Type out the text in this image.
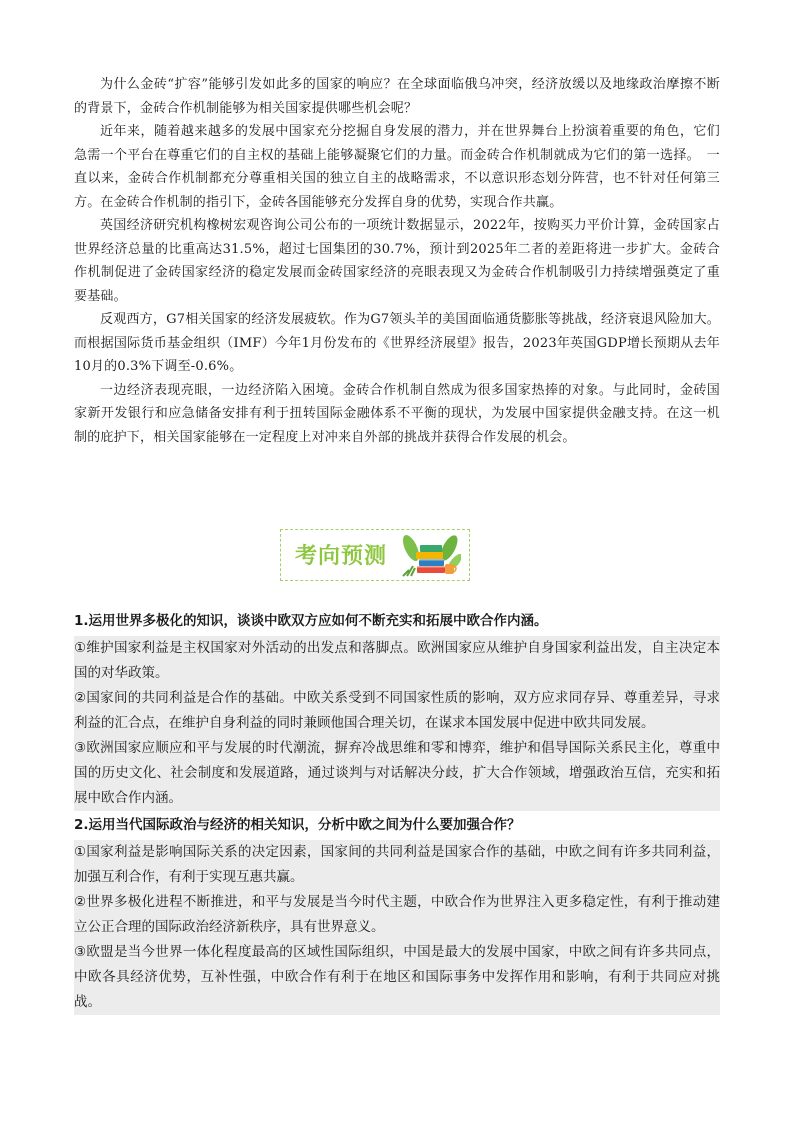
为什么金砖“扩容”能够引发如此多的国家的响应？在全球面临俄乌冲突，经济放缓以及地缘政治摩擦不断的背景下，金砖合作机制能够为相关国家提供哪些机会呢？

近年来，随着越来越多的发展中国家充分挖掘自身发展的潜力，并在世界舞台上扮演着重要的角色，它们急需一个平台在尊重它们的自主权的基础上能够凝聚它们的力量。而金砖合作机制就成为它们的第一选择。　一直以来，金砖合作机制都充分尊重相关国的独立自主的战略需求，不以意识形态划分阵营，也不针对任何第三方。在金砖合作机制的指引下，金砖各国能够充分发挥自身的优势，实现合作共赢。

英国经济研究机构橡树宏观咨询公司公布的一项统计数据显示，2022年，按购买力平价计算，金砖国家占世界经济总量的比重高达31.5%，超过七国集团的30.7%，预计到2025年二者的差距将进一步扩大。金砖合作机制促进了金砖国家经济的稳定发展而金砖国家经济的亮眼表现又为金砖合作机制吸引力持续增强奠定了重要基础。

反观西方，G7相关国家的经济发展疲软。作为G7领头羊的美国面临通货膨胀等挑战，经济衰退风险加大。而根据国际货币基金组织（IMF）今年1月份发布的《世界经济展望》报告，2023年英国GDP增长预期从去年10月的0.3%下调至-0.6%。

一边经济表现亮眼，一边经济陷入困境。金砖合作机制自然成为很多国家热捧的对象。与此同时，金砖国家新开发银行和应急储备安排有利于扭转国际金融体系不平衡的现状，为发展中国家提供金融支持。在这一机制的庇护下，相关国家能够在一定程度上对冲来自外部的挑战并获得合作发展的机会。

考向预测
1.运用世界多极化的知识，谈谈中欧双方应如何不断充实和拓展中欧合作内涵。

①维护国家利益是主权国家对外活动的出发点和落脚点。欧洲国家应从维护自身国家利益出发，自主决定本国的对华政策。

②国家间的共同利益是合作的基础。中欧关系受到不同国家性质的影响，双方应求同存异、尊重差异，寻求利益的汇合点，在维护自身利益的同时兼顾他国合理关切，在谋求本国发展中促进中欧共同发展。

③欧洲国家应顺应和平与发展的时代潮流，摒弃冷战思维和零和博弈，维护和倡导国际关系民主化，尊重中国的历史文化、社会制度和发展道路，通过谈判与对话解决分歧，扩大合作领域，增强政治互信，充实和拓展中欧合作内涵。

2.运用当代国际政治与经济的相关知识，分析中欧之间为什么要加强合作？

①国家利益是影响国际关系的决定因素，国家间的共同利益是国家合作的基础，中欧之间有许多共同利益，加强互利合作，有利于实现互惠共赢。

②世界多极化进程不断推进，和平与发展是当今时代主题，中欧合作为世界注入更多稳定性，有利于推动建立公正合理的国际政治经济新秩序，具有世界意义。

③欧盟是当今世界一体化程度最高的区域性国际组织，中国是最大的发展中国家，中欧之间有许多共同点，中欧各具经济优势，互补性强，中欧合作有利于在地区和国际事务中发挥作用和影响，有利于共同应对挑战。
